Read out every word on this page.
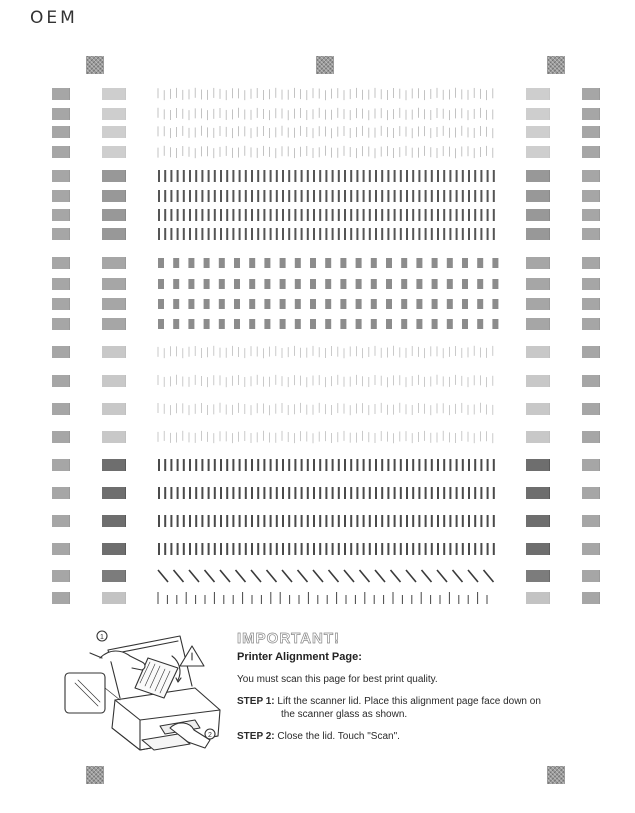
OEM
1
2
IMPORTANT!
Printer Alignment Page:
You must scan this page for best print quality.
STEP 1: Lift the scanner lid. Place this alignment page face down on
the scanner glass as shown.
STEP 2: Close the lid. Touch "Scan".
